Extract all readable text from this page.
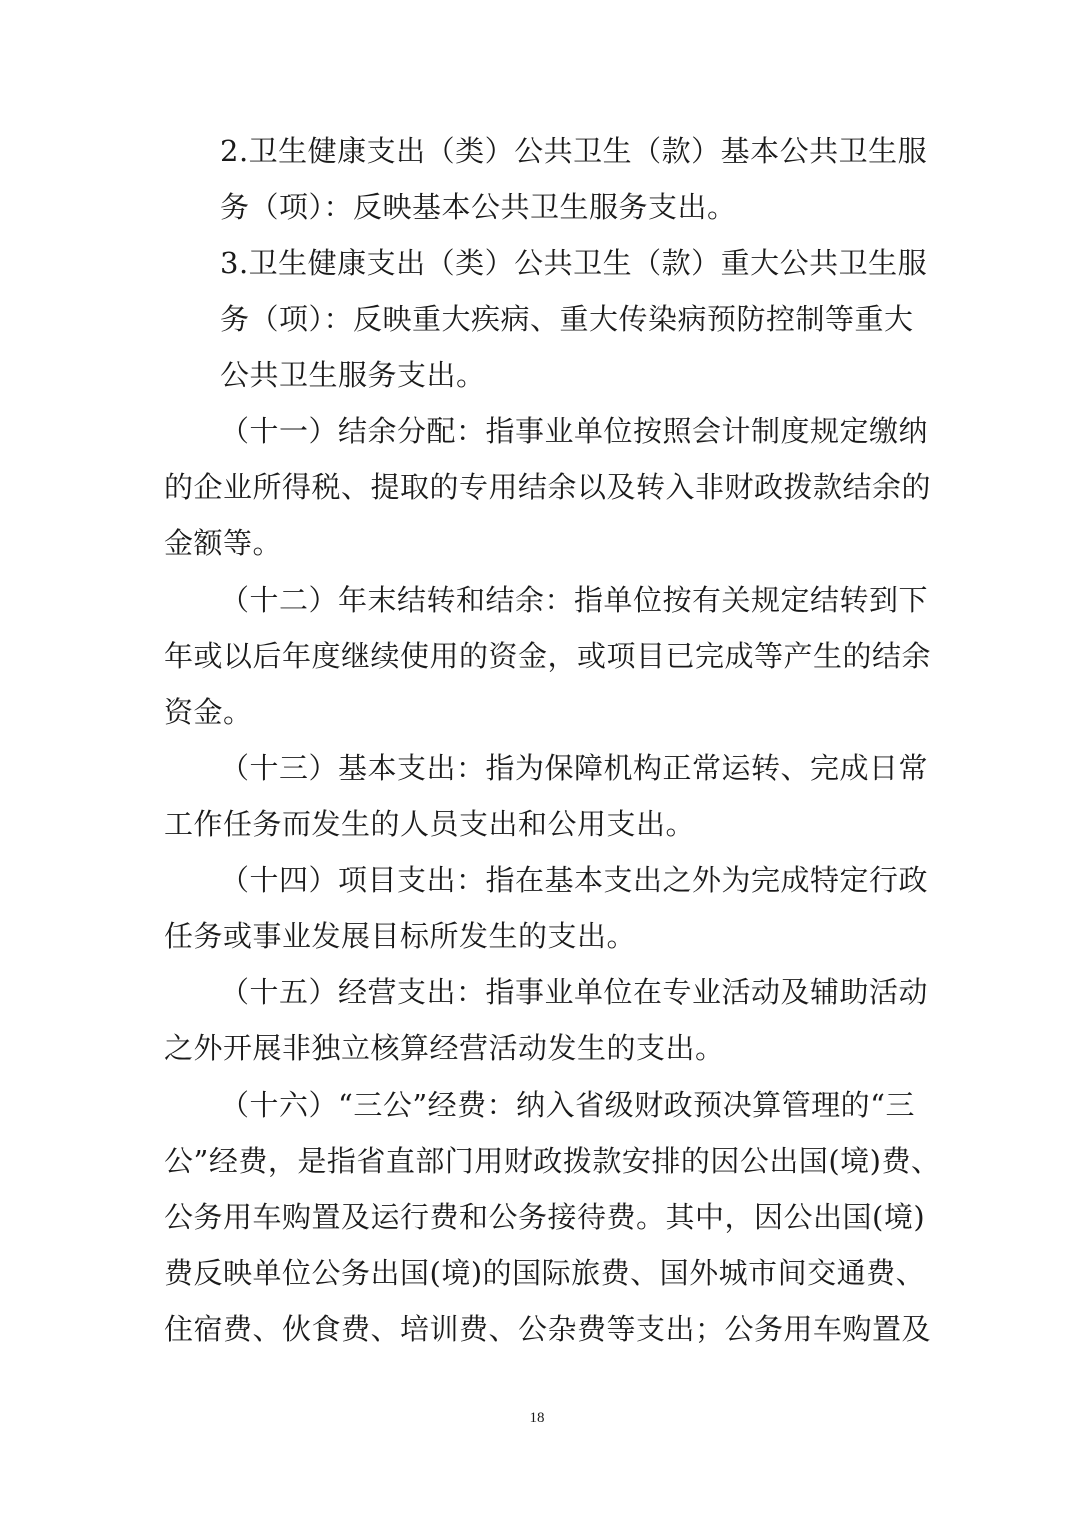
2.卫生健康支出（类）公共卫生（款）基本公共卫生服
务（项）：反映基本公共卫生服务支出。
3.卫生健康支出（类）公共卫生（款）重大公共卫生服
务（项）：反映重大疾病、重大传染病预防控制等重大
公共卫生服务支出。
（十一）结余分配：指事业单位按照会计制度规定缴纳
的企业所得税、提取的专用结余以及转入非财政拨款结余的
金额等。
（十二）年末结转和结余：指单位按有关规定结转到下
年或以后年度继续使用的资金，或项目已完成等产生的结余
资金。
（十三）基本支出：指为保障机构正常运转、完成日常
工作任务而发生的人员支出和公用支出。
（十四）项目支出：指在基本支出之外为完成特定行政
任务或事业发展目标所发生的支出。
（十五）经营支出：指事业单位在专业活动及辅助活动
之外开展非独立核算经营活动发生的支出。
（十六）“三公”经费：纳入省级财政预决算管理的“三
公”经费，是指省直部门用财政拨款安排的因公出国(境)费、
公务用车购置及运行费和公务接待费。其中，因公出国(境)
费反映单位公务出国(境)的国际旅费、国外城市间交通费、
住宿费、伙食费、培训费、公杂费等支出；公务用车购置及
18
